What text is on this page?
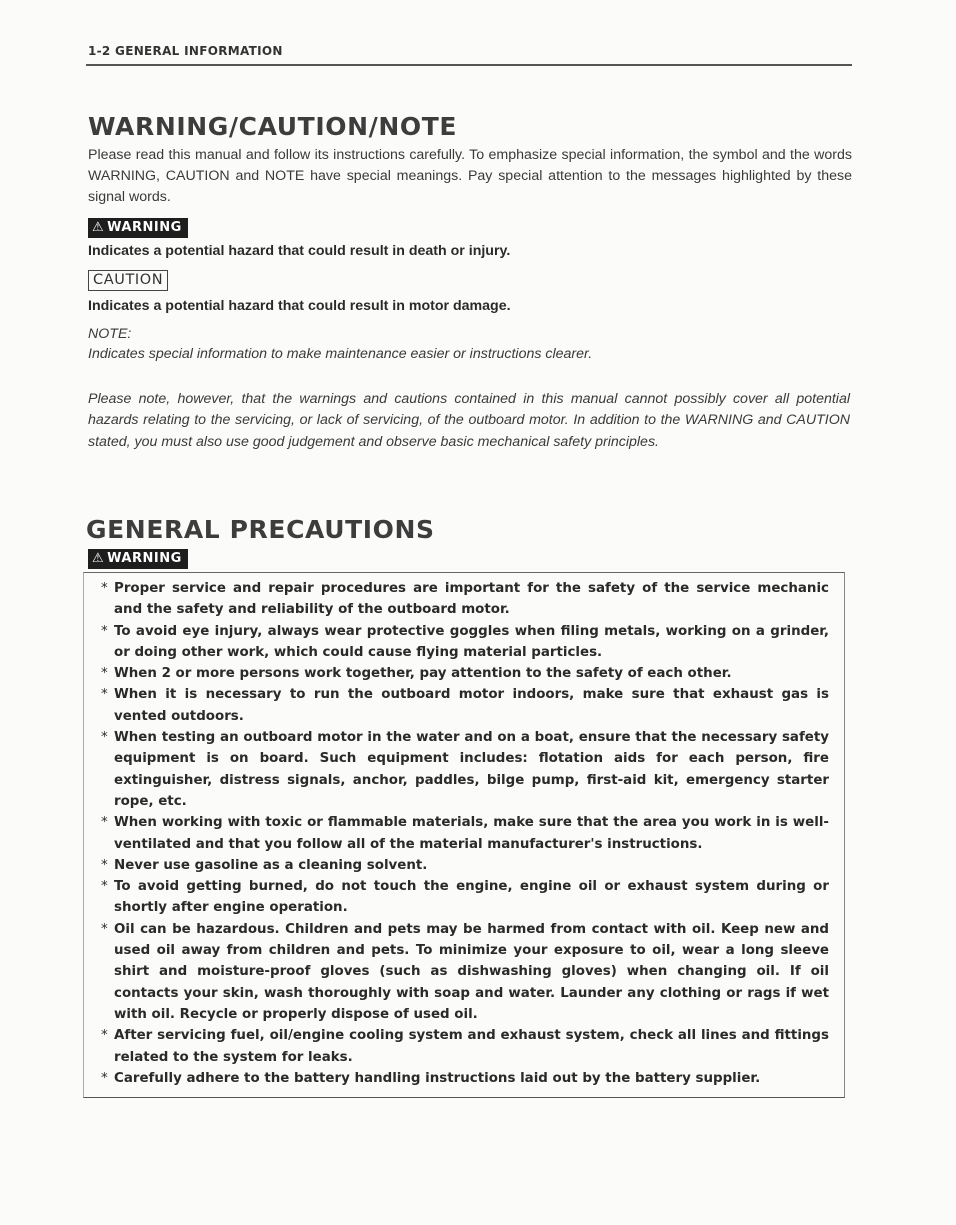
1-2 GENERAL INFORMATION
WARNING/CAUTION/NOTE
Please read this manual and follow its instructions carefully. To emphasize special information, the symbol and the words WARNING, CAUTION and NOTE have special meanings. Pay special attention to the messages highlighted by these signal words.
⚠ WARNING
Indicates a potential hazard that could result in death or injury.
CAUTION
Indicates a potential hazard that could result in motor damage.
NOTE:
Indicates special information to make maintenance easier or instructions clearer.
Please note, however, that the warnings and cautions contained in this manual cannot possibly cover all potential hazards relating to the servicing, or lack of servicing, of the outboard motor. In addition to the WARNING and CAUTION stated, you must also use good judgement and observe basic mechanical safety principles.
GENERAL PRECAUTIONS
⚠ WARNING
* Proper service and repair procedures are important for the safety of the service mechanic and the safety and reliability of the outboard motor.
* To avoid eye injury, always wear protective goggles when filing metals, working on a grinder, or doing other work, which could cause flying material particles.
* When 2 or more persons work together, pay attention to the safety of each other.
* When it is necessary to run the outboard motor indoors, make sure that exhaust gas is vented outdoors.
* When testing an outboard motor in the water and on a boat, ensure that the necessary safety equipment is on board. Such equipment includes: flotation aids for each person, fire extinguisher, distress signals, anchor, paddles, bilge pump, first-aid kit, emergency starter rope, etc.
* When working with toxic or flammable materials, make sure that the area you work in is well-ventilated and that you follow all of the material manufacturer's instructions.
* Never use gasoline as a cleaning solvent.
* To avoid getting burned, do not touch the engine, engine oil or exhaust system during or shortly after engine operation.
* Oil can be hazardous. Children and pets may be harmed from contact with oil. Keep new and used oil away from children and pets. To minimize your exposure to oil, wear a long sleeve shirt and moisture-proof gloves (such as dishwashing gloves) when changing oil. If oil contacts your skin, wash thoroughly with soap and water. Launder any clothing or rags if wet with oil. Recycle or properly dispose of used oil.
* After servicing fuel, oil/engine cooling system and exhaust system, check all lines and fittings related to the system for leaks.
* Carefully adhere to the battery handling instructions laid out by the battery supplier.
